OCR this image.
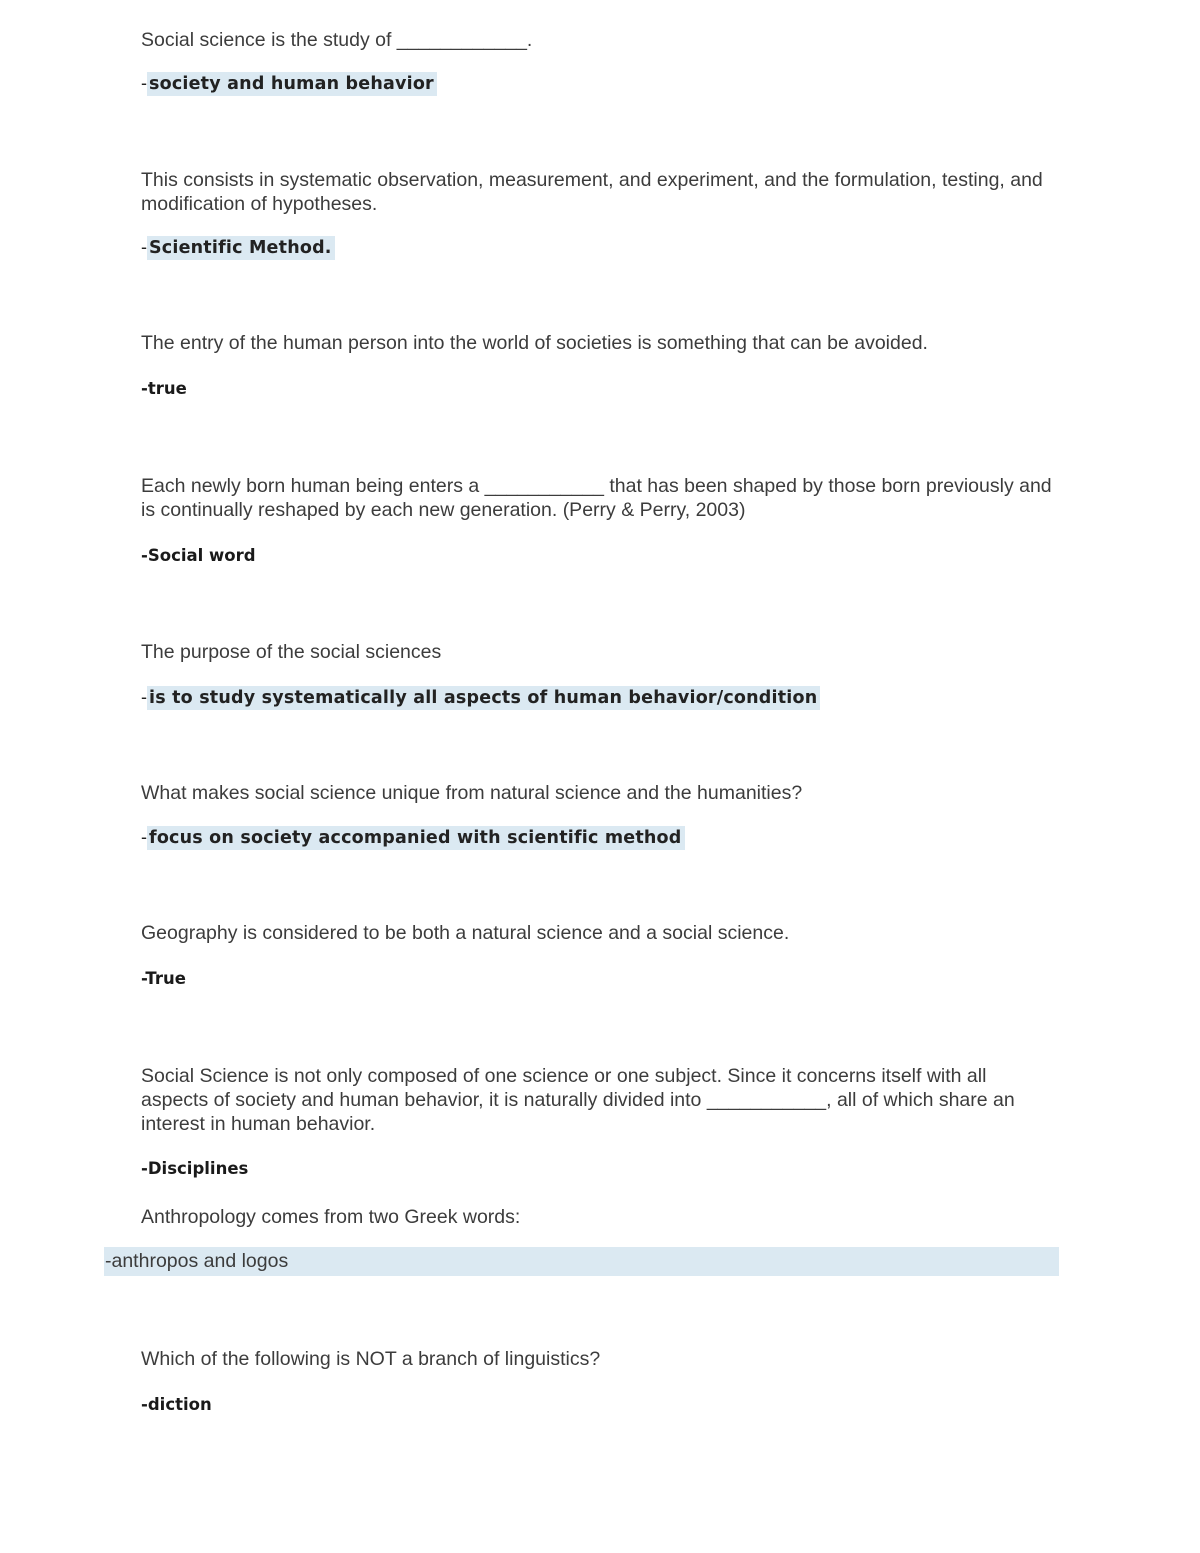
Social science is the study of ____________.

- society and human behavior

This consists in systematic observation, measurement, and experiment, and the formulation, testing, and modification of hypotheses.

- Scientific Method.

The entry of the human person into the world of societies is something that can be avoided.

-true

Each newly born human being enters a ___________ that has been shaped by those born previously and is continually reshaped by each new generation. (Perry & Perry, 2003)

-Social word

The purpose of the social sciences

- is to study systematically all aspects of human behavior/condition

What makes social science unique from natural science and the humanities?

- focus on society accompanied with scientific method

Geography is considered to be both a natural science and a social science.

-True

Social Science is not only composed of one science or one subject. Since it concerns itself with all aspects of society and human behavior, it is naturally divided into ___________, all of which share an interest in human behavior.

-Disciplines

Anthropology comes from two Greek words:

-anthropos and logos

Which of the following is NOT a branch of linguistics?

-diction
